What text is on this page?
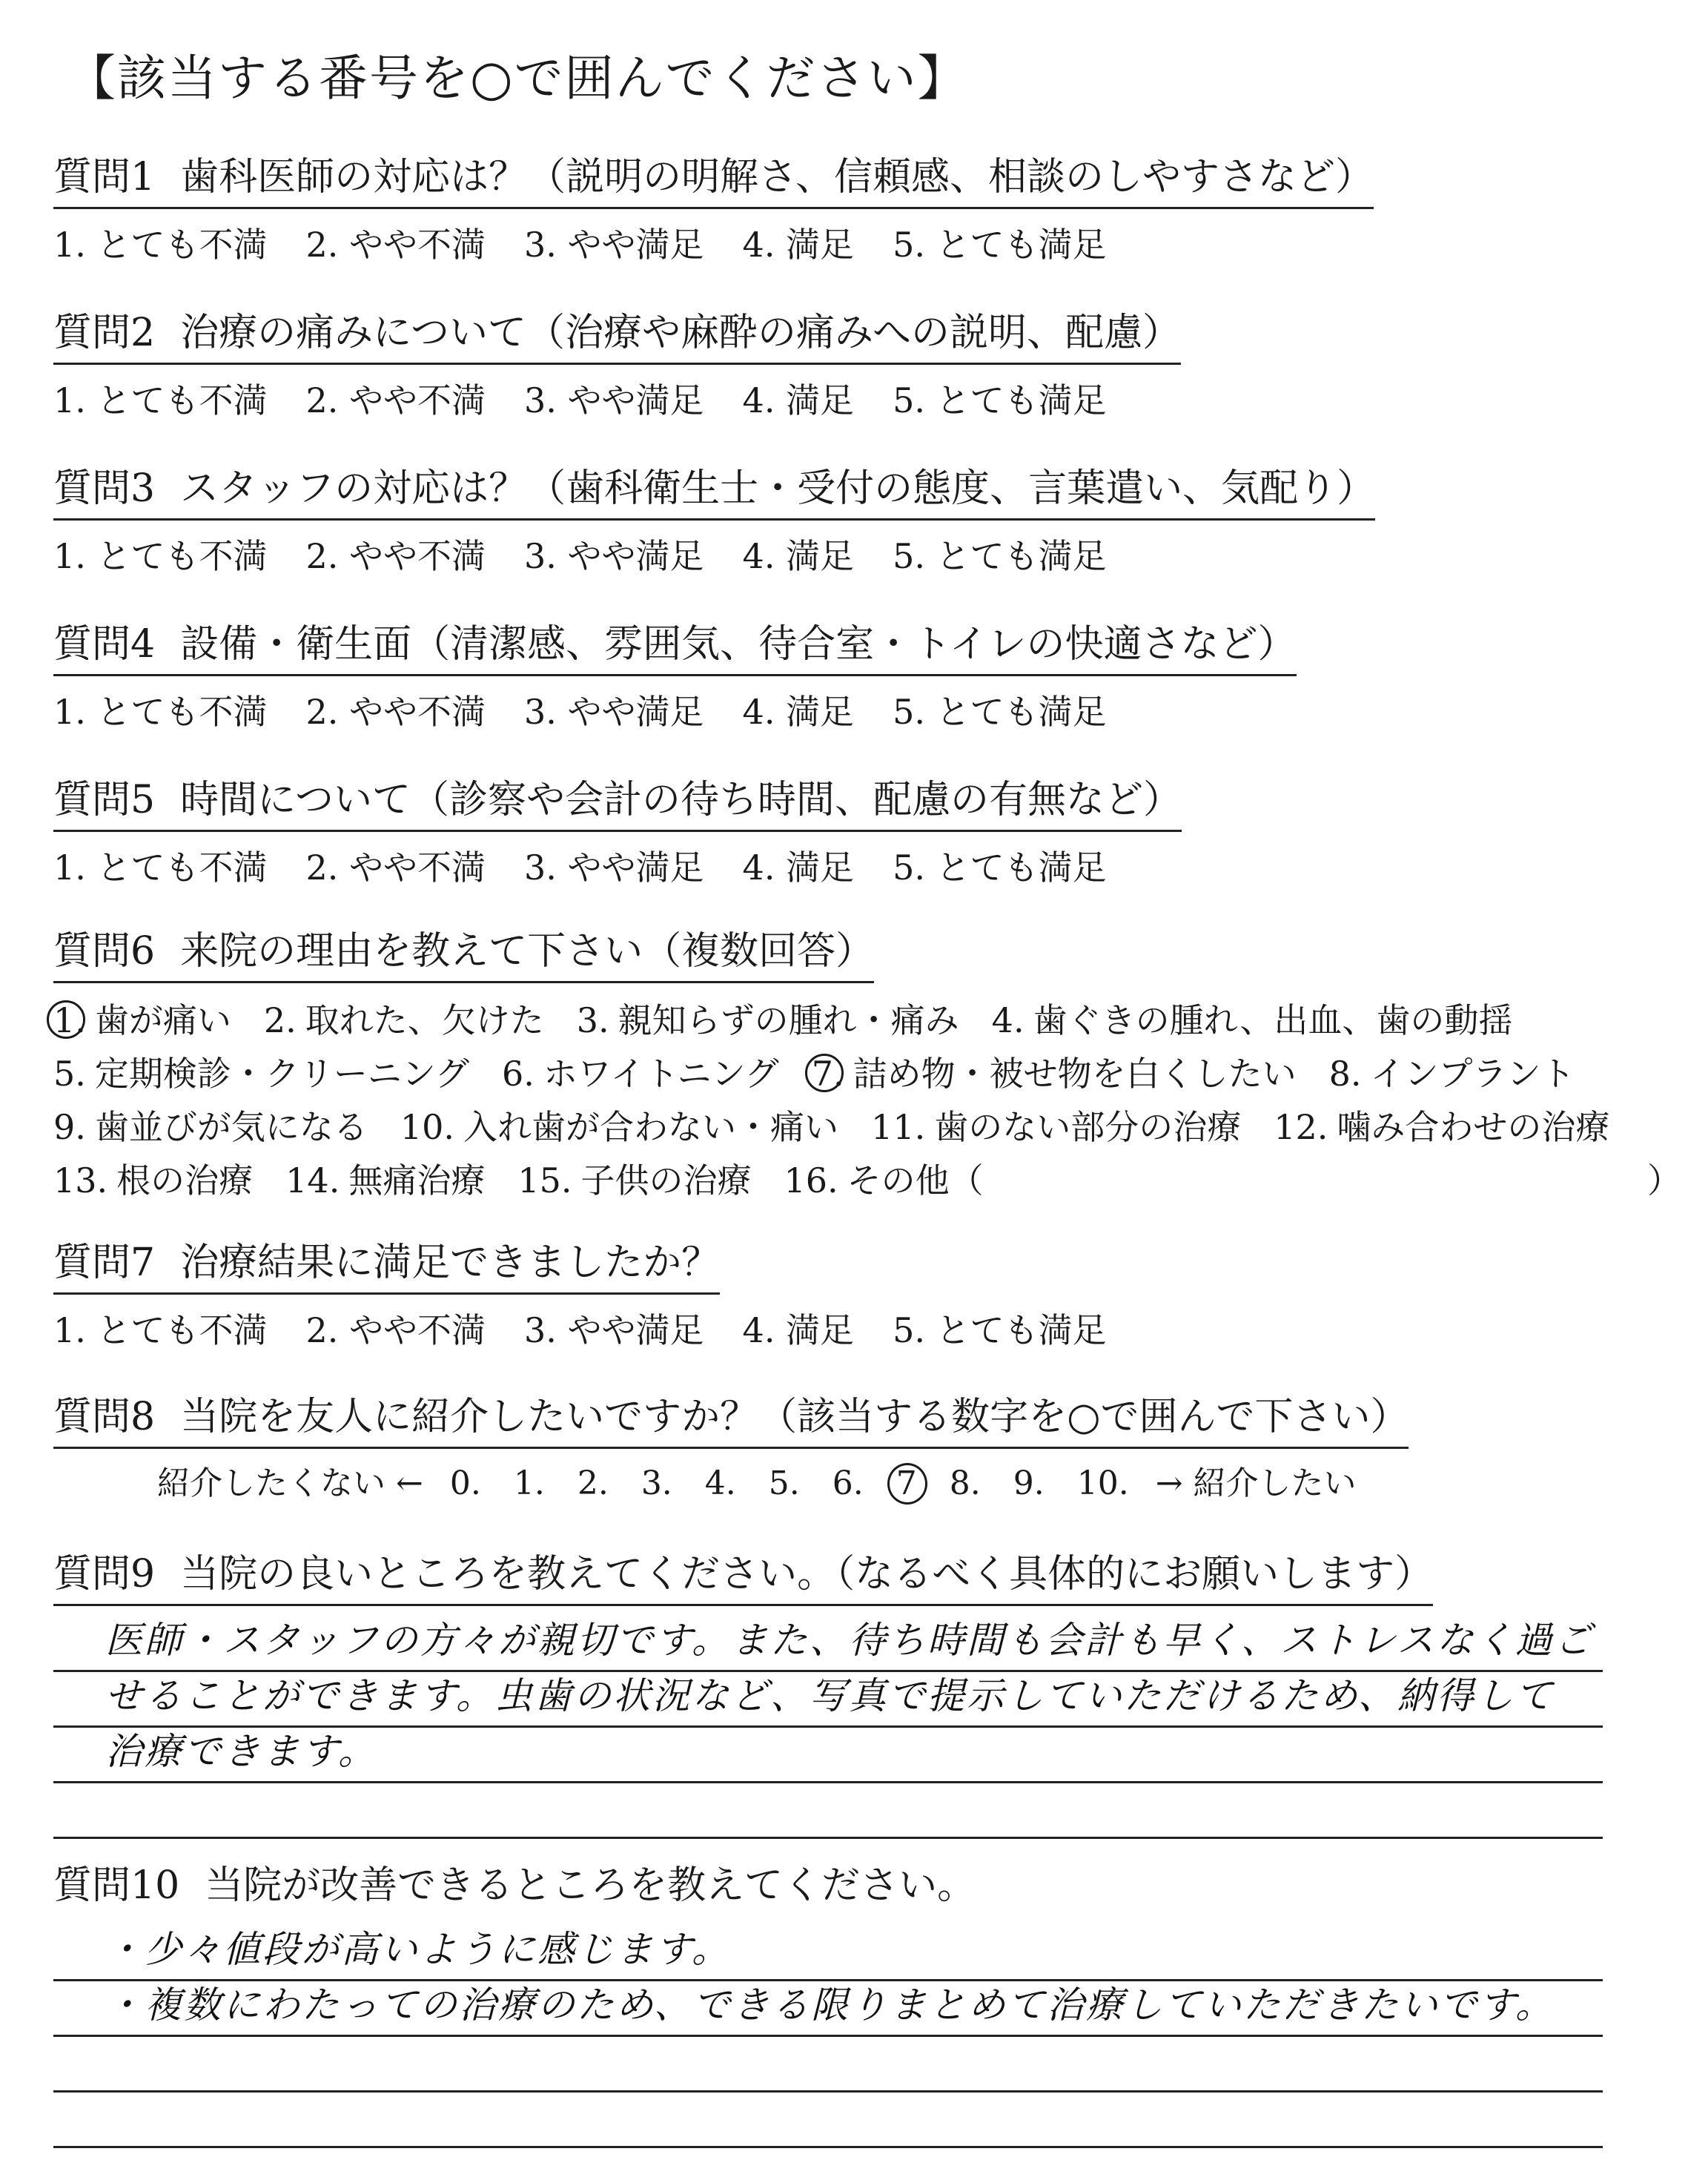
【該当する番号を○で囲んでください】
質問1 歯科医師の対応は？（説明の明解さ、信頼感、相談のしやすさなど）
1. とても不満 2. やや不満 3. やや満足 4. 満足 5. とても満足
質問2 治療の痛みについて（治療や麻酔の痛みへの説明、配慮）
1. とても不満 2. やや不満 3. やや満足 4. 満足 5. とても満足
質問3 スタッフの対応は？（歯科衛生士・受付の態度、言葉遣い、気配り）
1. とても不満 2. やや不満 3. やや満足 4. 満足 5. とても満足
質問4 設備・衛生面（清潔感、雰囲気、待合室・トイレの快適さなど）
1. とても不満 2. やや不満 3. やや満足 4. 満足 5. とても満足
質問5 時間について（診察や会計の待ち時間、配慮の有無など）
1. とても不満 2. やや不満 3. やや満足 4. 満足 5. とても満足
質問6 来院の理由を教えて下さい（複数回答）
1. 歯が痛い 2. 取れた、欠けた 3. 親知らずの腫れ・痛み 4. 歯ぐきの腫れ、出血、歯の動揺
5. 定期検診・クリーニング 6. ホワイトニング 7. 詰め物・被せ物を白くしたい 8. インプラント
9. 歯並びが気になる 10. 入れ歯が合わない・痛い 11. 歯のない部分の治療 12. 噛み合わせの治療
13. 根の治療 14. 無痛治療 15. 子供の治療 16. その他（	）
質問7 治療結果に満足できましたか？
1. とても不満 2. やや不満 3. やや満足 4. 満足 5. とても満足
質問8 当院を友人に紹介したいですか？（該当する数字を○で囲んで下さい）
紹介したくない ← 0. 1. 2. 3. 4. 5. 6. 7 8. 9. 10. → 紹介したい
質問9 当院の良いところを教えてください。（なるべく具体的にお願いします）
医師・スタッフの方々が親切です。また、待ち時間も会計も早く、ストレスなく過ご
せることができます。虫歯の状況など、写真で提示していただけるため、納得して
治療できます。
質問10 当院が改善できるところを教えてください。
・少々値段が高いように感じます。
・複数にわたっての治療のため、できる限りまとめて治療していただきたいです。
